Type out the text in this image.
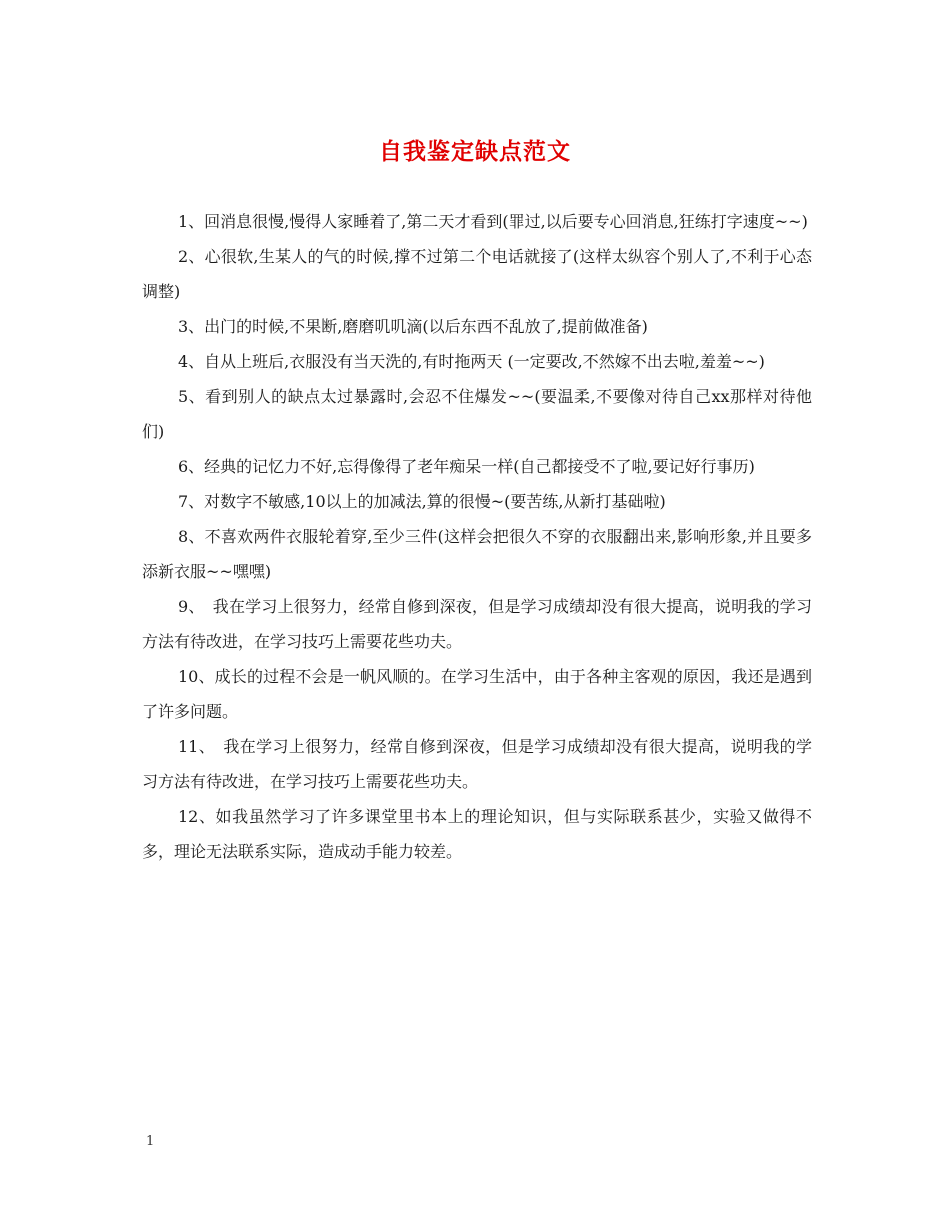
自我鉴定缺点范文

1、回消息很慢,慢得人家睡着了,第二天才看到(罪过,以后要专心回消息,狂练打字速度~~)

2、心很软,生某人的气的时候,撑不过第二个电话就接了(这样太纵容个别人了,不利于心态调整)

3、出门的时候,不果断,磨磨叽叽滴(以后东西不乱放了,提前做准备)

4、自从上班后,衣服没有当天洗的,有时拖两天 (一定要改,不然嫁不出去啦,羞羞~~)

5、看到别人的缺点太过暴露时,会忍不住爆发~~(要温柔,不要像对待自己xx那样对待他们)

6、经典的记忆力不好,忘得像得了老年痴呆一样(自己都接受不了啦,要记好行事历)

7、对数字不敏感,10以上的加减法,算的很慢~(要苦练,从新打基础啦)

8、不喜欢两件衣服轮着穿,至少三件(这样会把很久不穿的衣服翻出来,影响形象,并且要多添新衣服~~嘿嘿)

9、　我在学习上很努力，经常自修到深夜，但是学习成绩却没有很大提高，说明我的学习方法有待改进，在学习技巧上需要花些功夫。

10、成长的过程不会是一帆风顺的。在学习生活中，由于各种主客观的原因，我还是遇到了许多问题。

11、　我在学习上很努力，经常自修到深夜，但是学习成绩却没有很大提高，说明我的学习方法有待改进，在学习技巧上需要花些功夫。

12、如我虽然学习了许多课堂里书本上的理论知识，但与实际联系甚少，实验又做得不多，理论无法联系实际，造成动手能力较差。

1
